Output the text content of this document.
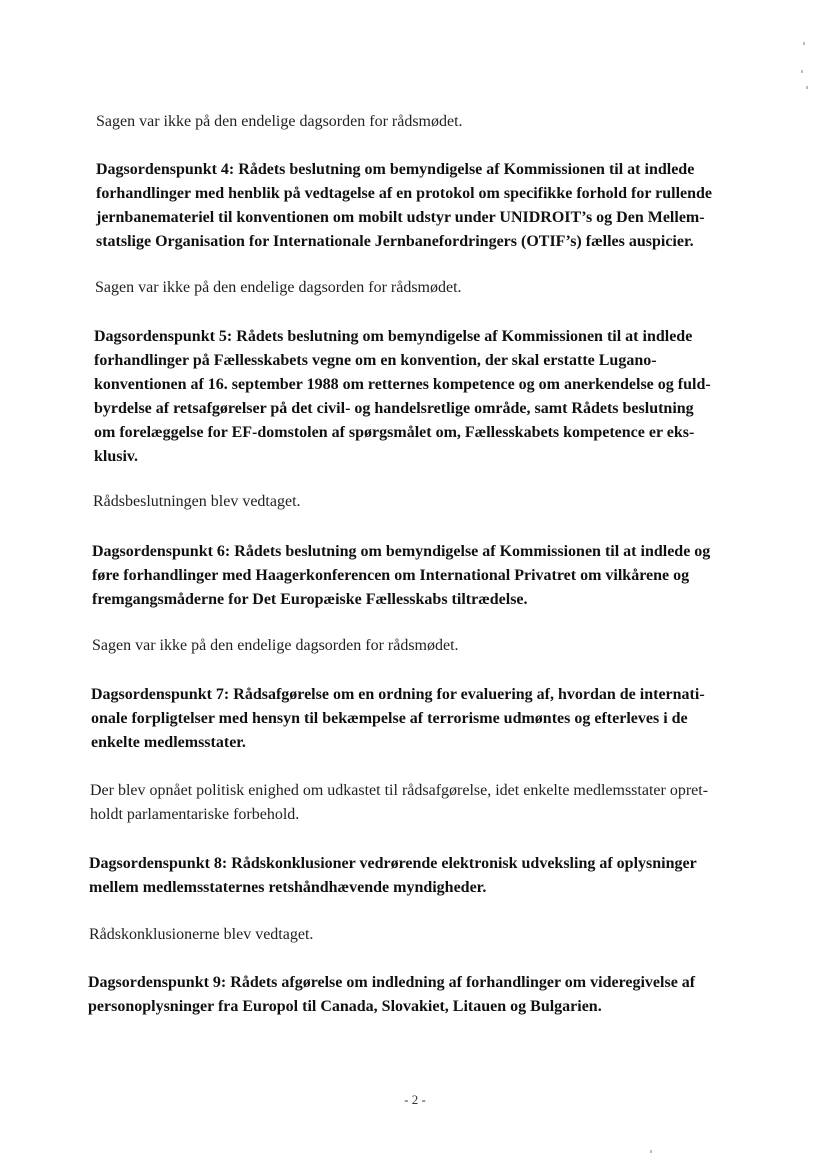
Sagen var ikke på den endelige dagsorden for rådsmødet.

Dagsordenspunkt 4: Rådets beslutning om bemyndigelse af Kommissionen til at indlede
forhandlinger med henblik på vedtagelse af en protokol om specifikke forhold for rullende
jernbanemateriel til konventionen om mobilt udstyr under UNIDROIT’s og Den Mellem-
statslige Organisation for Internationale Jernbanefordringers (OTIF’s) fælles auspicier.

Sagen var ikke på den endelige dagsorden for rådsmødet.

Dagsordenspunkt 5: Rådets beslutning om bemyndigelse af Kommissionen til at indlede
forhandlinger på Fællesskabets vegne om en konvention, der skal erstatte Lugano-
konventionen af 16. september 1988 om retternes kompetence og om anerkendelse og fuld-
byrdelse af retsafgørelser på det civil- og handelsretlige område, samt Rådets beslutning
om forelæggelse for EF-domstolen af spørgsmålet om, Fællesskabets kompetence er eks-
klusiv.

Rådsbeslutningen blev vedtaget.

Dagsordenspunkt 6: Rådets beslutning om bemyndigelse af Kommissionen til at indlede og
føre forhandlinger med Haagerkonferencen om International Privatret om vilkårene og
fremgangsmåderne for Det Europæiske Fællesskabs tiltrædelse.

Sagen var ikke på den endelige dagsorden for rådsmødet.

Dagsordenspunkt 7: Rådsafgørelse om en ordning for evaluering af, hvordan de internati-
onale forpligtelser med hensyn til bekæmpelse af terrorisme udmøntes og efterleves i de
enkelte medlemsstater.

Der blev opnået politisk enighed om udkastet til rådsafgørelse, idet enkelte medlemsstater opret-
holdt parlamentariske forbehold.

Dagsordenspunkt 8: Rådskonklusioner vedrørende elektronisk udveksling af oplysninger
mellem medlemsstaternes retshåndhævende myndigheder.

Rådskonklusionerne blev vedtaget.

Dagsordenspunkt 9: Rådets afgørelse om indledning af forhandlinger om videregivelse af
personoplysninger fra Europol til Canada, Slovakiet, Litauen og Bulgarien.

- 2 -
